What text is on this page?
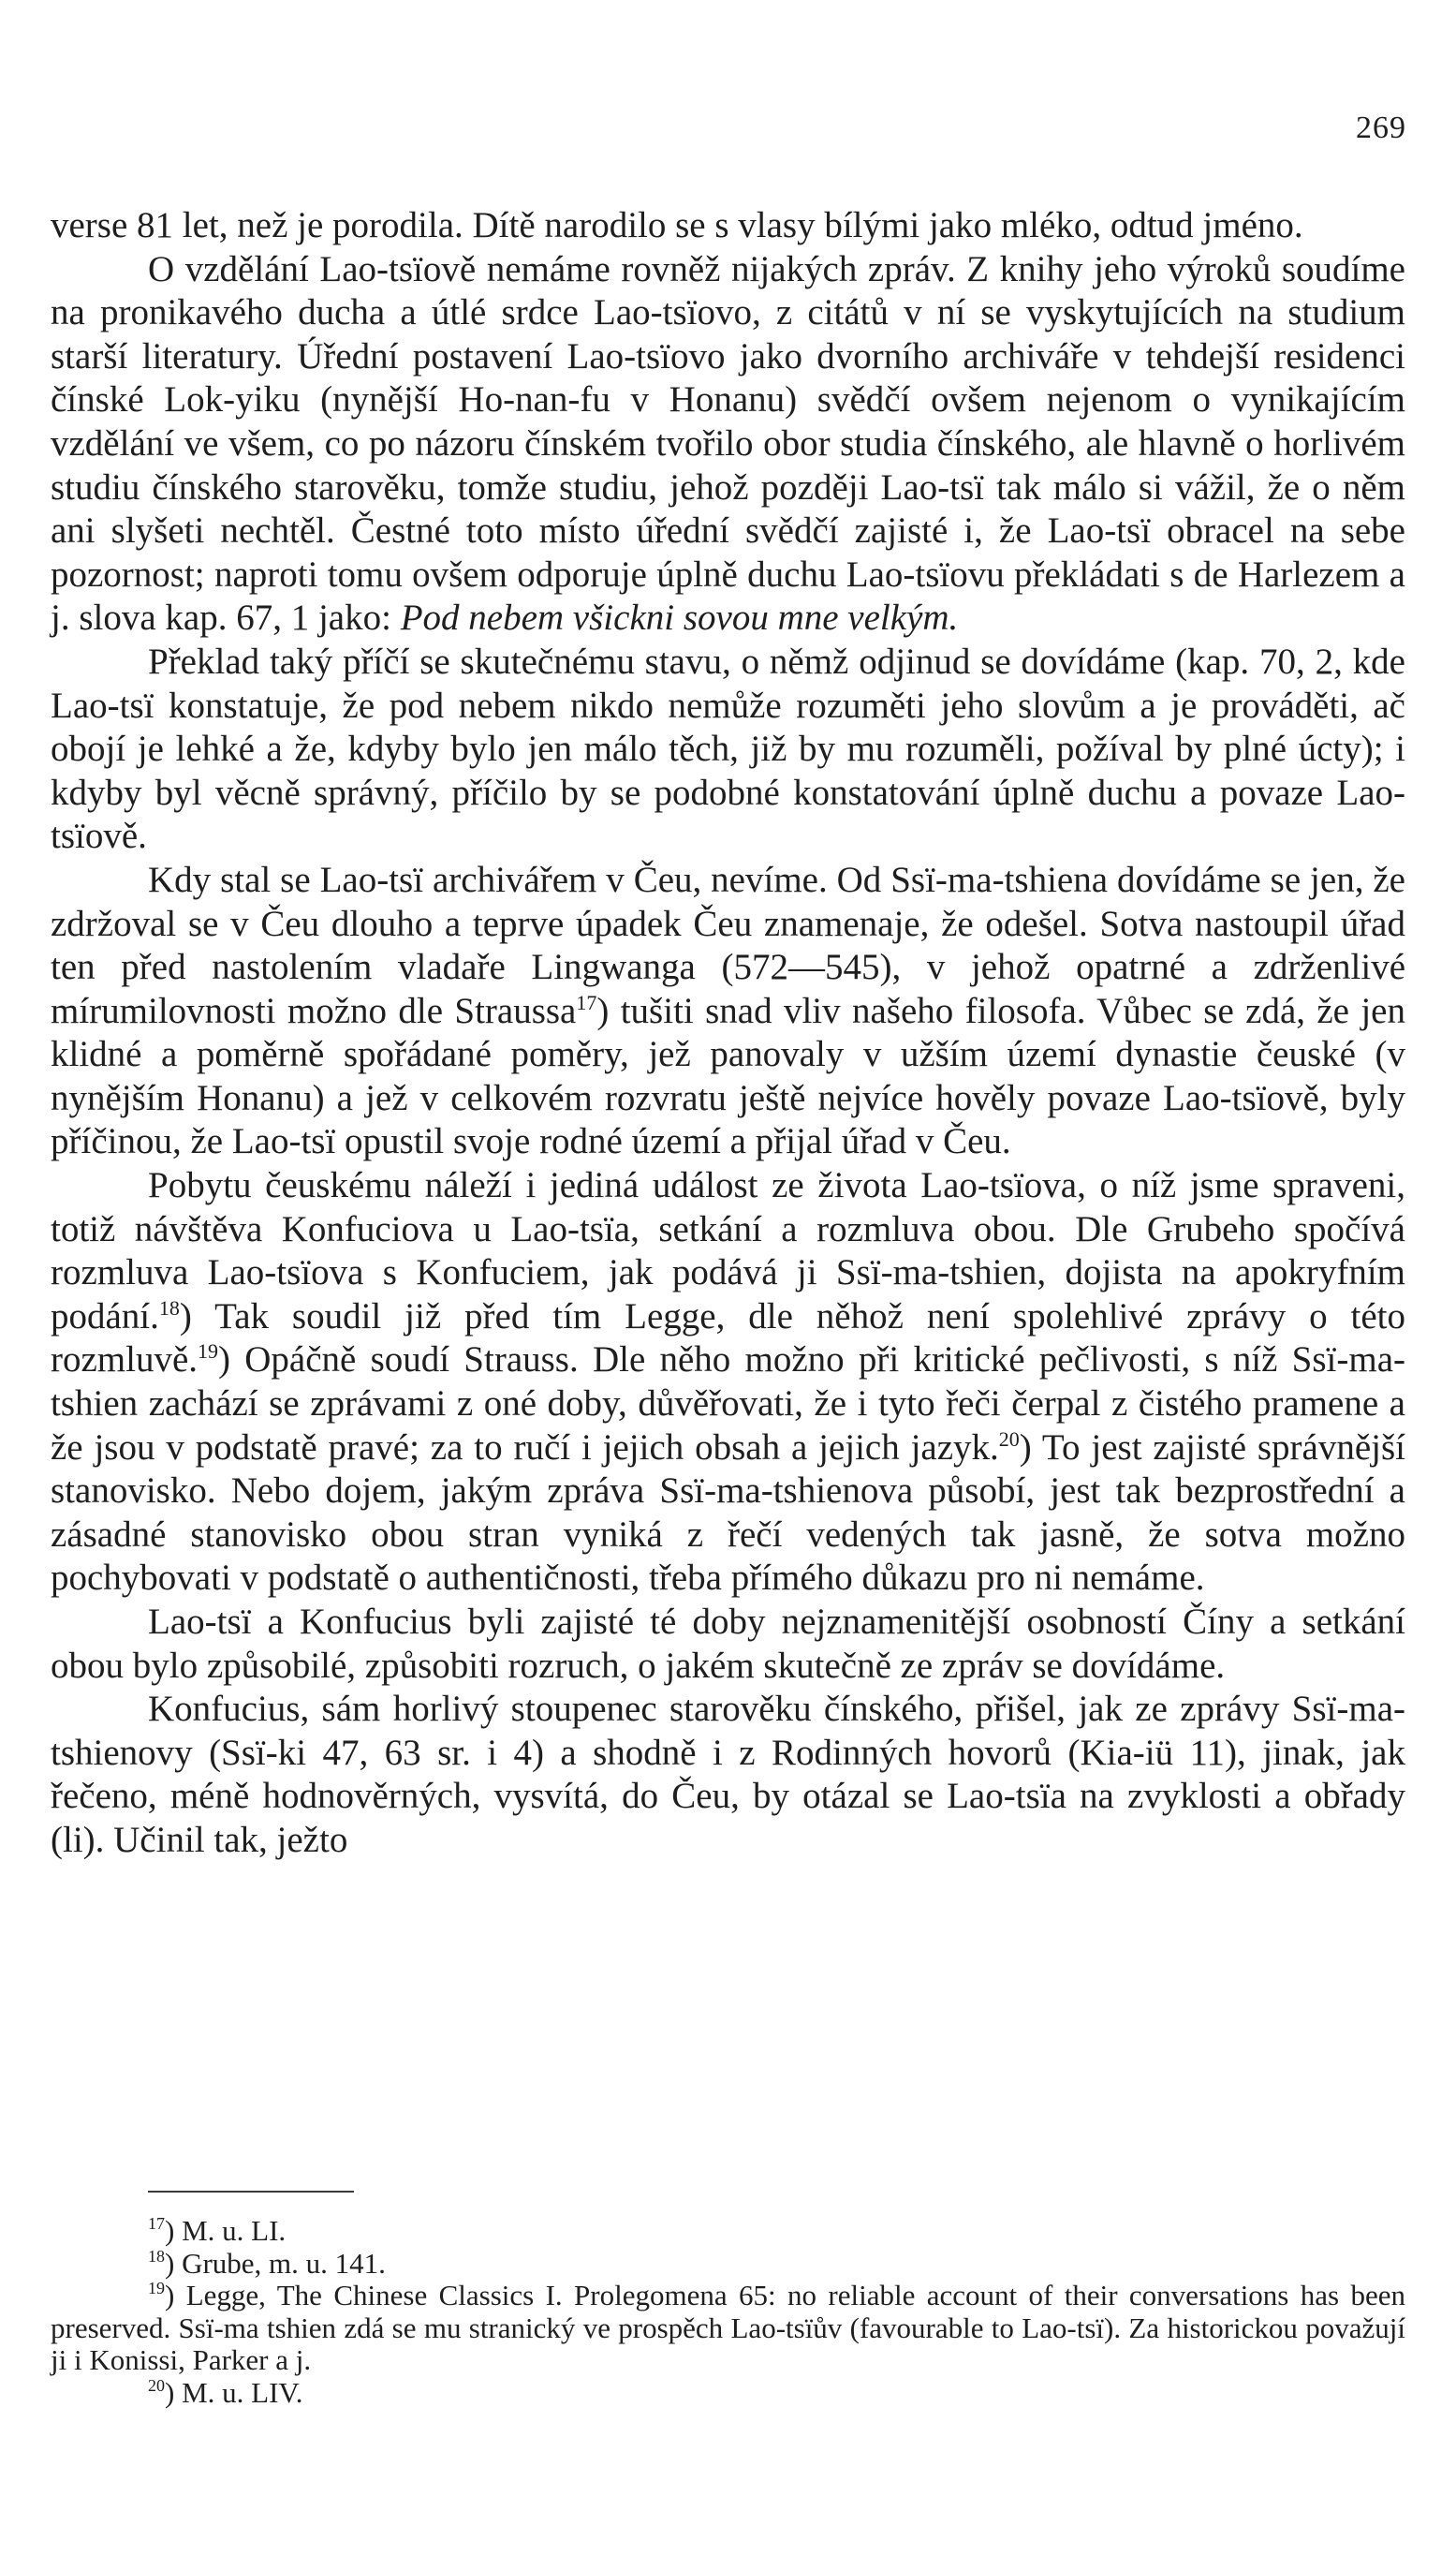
269

verse 81 let, než je porodila. Dítě narodilo se s vlasy bílými jako mléko, odtud jméno.

O vzdělání Lao-tsïově nemáme rovněž nijakých zpráv. Z knihy jeho výroků soudíme na pronikavého ducha a útlé srdce Lao-tsïovo, z citátů v ní se vyskytujících na studium starší literatury. Úřední postavení Lao-tsïovo jako dvorního archiváře v tehdejší residenci čínské Lok-yiku (nynější Ho-nan-fu v Honanu) svědčí ovšem nejenom o vynikajícím vzdělání ve všem, co po názoru čínském tvořilo obor studia čínského, ale hlavně o horlivém studiu čínského starověku, tomže studiu, jehož později Lao-tsï tak málo si vážil, že o něm ani slyšeti nechtěl. Čestné toto místo úřední svědčí zajisté i, že Lao-tsï obracel na sebe pozornost; naproti tomu ovšem odporuje úplně duchu Lao-tsïovu překládati s de Harlezem a j. slova kap. 67, 1 jako: Pod nebem všickni sovou mne velkým.

Překlad taký příčí se skutečnému stavu, o němž odjinud se dovídáme (kap. 70, 2, kde Lao-tsï konstatuje, že pod nebem nikdo nemůže rozuměti jeho slovům a je prováděti, ač obojí je lehké a že, kdyby bylo jen málo těch, již by mu rozuměli, požíval by plné úcty); i kdyby byl věcně správný, příčilo by se podobné konstatování úplně duchu a povaze Lao-tsïově.

Kdy stal se Lao-tsï archivářem v Čeu, nevíme. Od Ssï-ma-tshiena dovídáme se jen, že zdržoval se v Čeu dlouho a teprve úpadek Čeu znamenaje, že odešel. Sotva nastoupil úřad ten před nastolením vladaře Lingwanga (572—545), v jehož opatrné a zdrženlivé mírumilovnosti možno dle Straussa$^{17}$) tušiti snad vliv našeho filosofa. Vůbec se zdá, že jen klidné a poměrně spořádané poměry, jež panovaly v užším území dynastie čeuské (v nynějším Honanu) a jež v celkovém rozvratu ještě nejvíce hověly povaze Lao-tsïově, byly příčinou, že Lao-tsï opustil svoje rodné území a přijal úřad v Čeu.

Pobytu čeuskému náleží i jediná událost ze života Lao-tsïova, o níž jsme spraveni, totiž návštěva Konfuciova u Lao-tsïa, setkání a rozmluva obou. Dle Grubeho spočívá rozmluva Lao-tsïova s Konfuciem, jak podává ji Ssï-ma-tshien, dojista na apokryfním podání.$^{18}$) Tak soudil již před tím Legge, dle něhož není spolehlivé zprávy o této rozmluvě.$^{19}$) Opáčně soudí Strauss. Dle něho možno při kritické pečlivosti, s níž Ssï-ma-tshien zachází se zprávami z oné doby, důvěřovati, že i tyto řeči čerpal z čistého pramene a že jsou v podstatě pravé; za to ručí i jejich obsah a jejich jazyk.$^{20}$) To jest zajisté správnější stanovisko. Nebo dojem, jakým zpráva Ssï-ma-tshienova působí, jest tak bezprostřední a zásadné stanovisko obou stran vyniká z řečí vedených tak jasně, že sotva možno pochybovati v podstatě o authentičnosti, třeba přímého důkazu pro ni nemáme.

Lao-tsï a Konfucius byli zajisté té doby nejznamenitější osobností Číny a setkání obou bylo způsobilé, způsobiti rozruch, o jakém skutečně ze zpráv se dovídáme.

Konfucius, sám horlivý stoupenec starověku čínského, přišel, jak ze zprávy Ssï-ma-tshienovy (Ssï-ki 47, 63 sr. i 4) a shodně i z Rodinných hovorů (Kia-iü 11), jinak, jak řečeno, méně hodnověrných, vysvítá, do Čeu, by otázal se Lao-tsïa na zvyklosti a obřady (li). Učinil tak, ježto

$^{17}$) M. u. LI.

$^{18}$) Grube, m. u. 141.

$^{19}$) Legge, The Chinese Classics I. Prolegomena 65: no reliable account of their conversations has been preserved. Ssï-ma tshien zdá se mu stranický ve prospěch Lao-tsïův (favourable to Lao-tsï). Za historickou považují ji i Konissi, Parker a j.

$^{20}$) M. u. LIV.
